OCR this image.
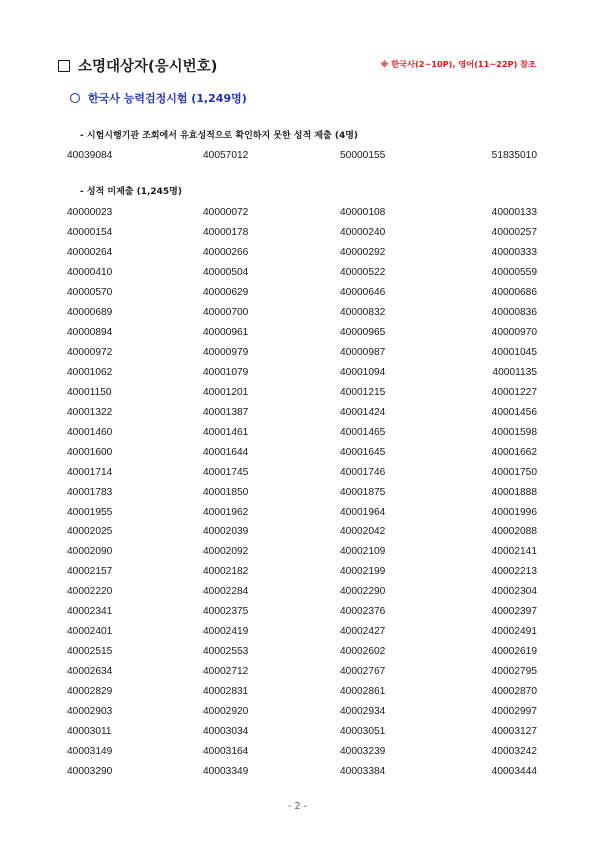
소명대상자(응시번호)	※ 한국사(2~10P), 영어(11~22P) 참조
한국사 능력검정시험 (1,249명)
- 시험시행기관 조회에서 유효성적으로 확인하지 못한 성적 제출 (4명)
40039084	40057012	50000155	51835010
- 성적 미제출 (1,245명)
40000023	40000072	40000108	40000133
40000154	40000178	40000240	40000257
40000264	40000266	40000292	40000333
40000410	40000504	40000522	40000559
40000570	40000629	40000646	40000686
40000689	40000700	40000832	40000836
40000894	40000961	40000965	40000970
40000972	40000979	40000987	40001045
40001062	40001079	40001094	40001135
40001150	40001201	40001215	40001227
40001322	40001387	40001424	40001456
40001460	40001461	40001465	40001598
40001600	40001644	40001645	40001662
40001714	40001745	40001746	40001750
40001783	40001850	40001875	40001888
40001955	40001962	40001964	40001996
40002025	40002039	40002042	40002088
40002090	40002092	40002109	40002141
40002157	40002182	40002199	40002213
40002220	40002284	40002290	40002304
40002341	40002375	40002376	40002397
40002401	40002419	40002427	40002491
40002515	40002553	40002602	40002619
40002634	40002712	40002767	40002795
40002829	40002831	40002861	40002870
40002903	40002920	40002934	40002997
40003011	40003034	40003051	40003127
40003149	40003164	40003239	40003242
40003290	40003349	40003384	40003444
- 2 -
